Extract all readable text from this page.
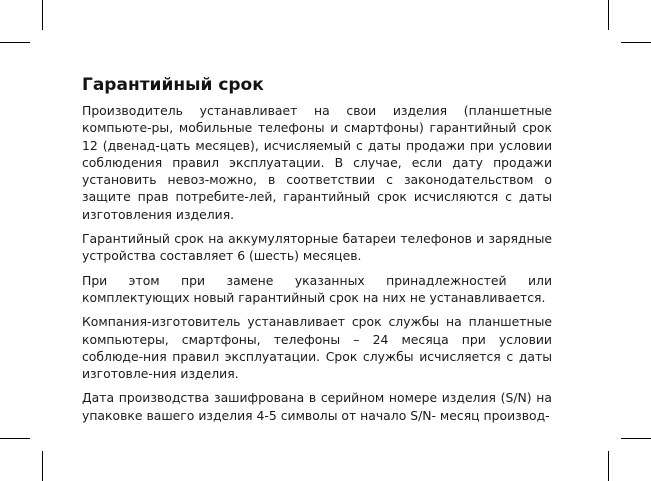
Гарантийный срок

Производитель устанавливает на свои изделия (планшетные компьюте-ры, мобильные телефоны и смартфоны) гарантийный срок 12 (двенад-цать месяцев), исчисляемый с даты продажи при условии соблюдения правил эксплуатации. В случае, если дату продажи установить невоз-можно, в соответствии с законодательством о защите прав потребите-лей, гарантийный срок исчисляются с даты изготовления изделия.

Гарантийный срок на аккумуляторные батареи телефонов и зарядные устройства составляет 6 (шесть) месяцев.

При этом при замене указанных принадлежностей или комплектующих новый гарантийный срок на них не устанавливается.

Компания-изготовитель устанавливает срок службы на планшетные компьютеры, смартфоны, телефоны – 24 месяца при условии соблюде-ния правил эксплуатации. Срок службы исчисляется с даты изготовле-ния изделия.

Дата производства зашифрована в серийном номере изделия (S/N) на упаковке вашего изделия 4-5 символы от начало S/N- месяц производ-
